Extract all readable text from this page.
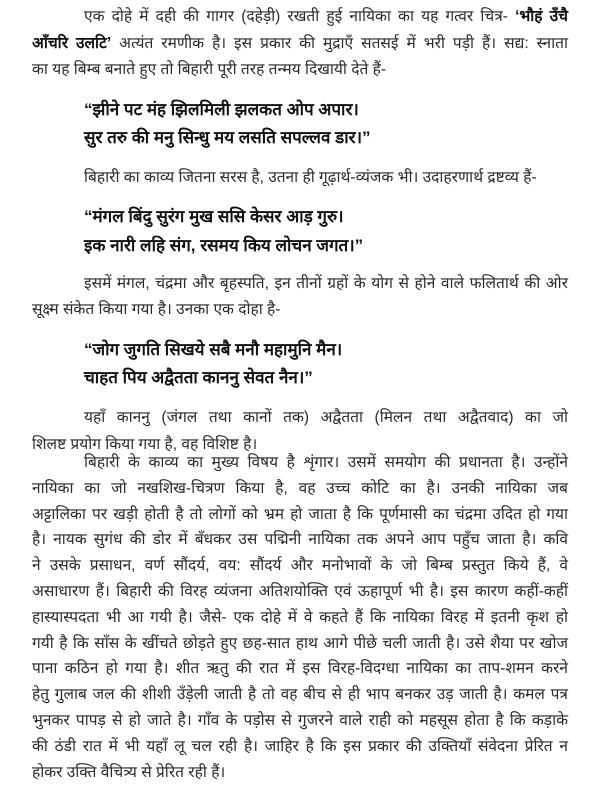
एक दोहे में दही की गागर (दहेड़ी) रखती हुई नायिका का यह गत्वर चित्र- ‘भौहं उँचै
आँचरि उलटि’ अत्यंत रमणीक है। इस प्रकार की मुद्राएँ सतसई में भरी पड़ी हैं। सद्य: स्नाता
का यह बिम्ब बनाते हुए तो बिहारी पूरी तरह तन्मय दिखायी देते हैं-
“झीने पट मंह झिलमिली झलकत ओप अपार।
सुर तरु की मनु सिन्धु मय लसति सपल्लव डार।”
बिहारी का काव्य जितना सरस है, उतना ही गूढ़ार्थ-व्यंजक भी। उदाहरणार्थ द्रष्टव्य हैं-
“मंगल बिंदु सुरंग मुख ससि केसर आड़ गुरु।
इक नारी लहि संग, रसमय किय लोचन जगत।”
इसमें मंगल, चंद्रमा और बृहस्पति, इन तीनों ग्रहों के योग से होने वाले फलितार्थ की ओर
सूक्ष्म संकेत किया गया है। उनका एक दोहा है-
“जोग जुगति सिखये सबै मनौ महामुनि मैन।
चाहत पिय अद्वैतता काननु सेवत नैन।”
यहाँ काननु (जंगल तथा कानों तक) अद्वैतता (मिलन तथा अद्वैतवाद) का जो
शिलष्ट प्रयोग किया गया है, वह विशिष्ट है।
बिहारी के काव्य का मुख्य विषय है शृंगार। उसमें समयोग की प्रधानता है। उन्होंने
नायिका का जो नखशिख-चित्रण किया है, वह उच्च कोटि का है। उनकी नायिका जब
अट्टालिका पर खड़ी होती है तो लोगों को भ्रम हो जाता है कि पूर्णमासी का चंद्रमा उदित हो गया
है। नायक सुगंध की डोर में बँधकर उस पद्मिनी नायिका तक अपने आप पहुँच जाता है। कवि
ने उसके प्रसाधन, वर्ण सौंदर्य, वय: सौंदर्य और मनोभावों के जो बिम्ब प्रस्तुत किये हैं, वे
असाधारण हैं। बिहारी की विरह व्यंजना अतिशयोक्ति एवं ऊहापूर्ण भी है। इस कारण कहीं-कहीं
हास्यास्पदता भी आ गयी है। जैसे- एक दोहे में वे कहते हैं कि नायिका विरह में इतनी कृश हो
गयी है कि साँस के खींचते छोड़ते हुए छह-सात हाथ आगे पीछे चली जाती है। उसे शैया पर खोज
पाना कठिन हो गया है। शीत ऋतु की रात में इस विरह-विदग्धा नायिका का ताप-शमन करने
हेतु गुलाब जल की शीशी उँड़ेली जाती है तो वह बीच से ही भाप बनकर उड़ जाती है। कमल पत्र
भुनकर पापड़ से हो जाते है। गाँव के पड़ोस से गुजरने वाले राही को महसूस होता है कि कड़ाके
की ठंडी रात में भी यहाँ लू चल रही है। जाहिर है कि इस प्रकार की उक्तियाँ संवेदना प्रेरित न
होकर उक्ति वैचित्र्य से प्रेरित रही हैं।
